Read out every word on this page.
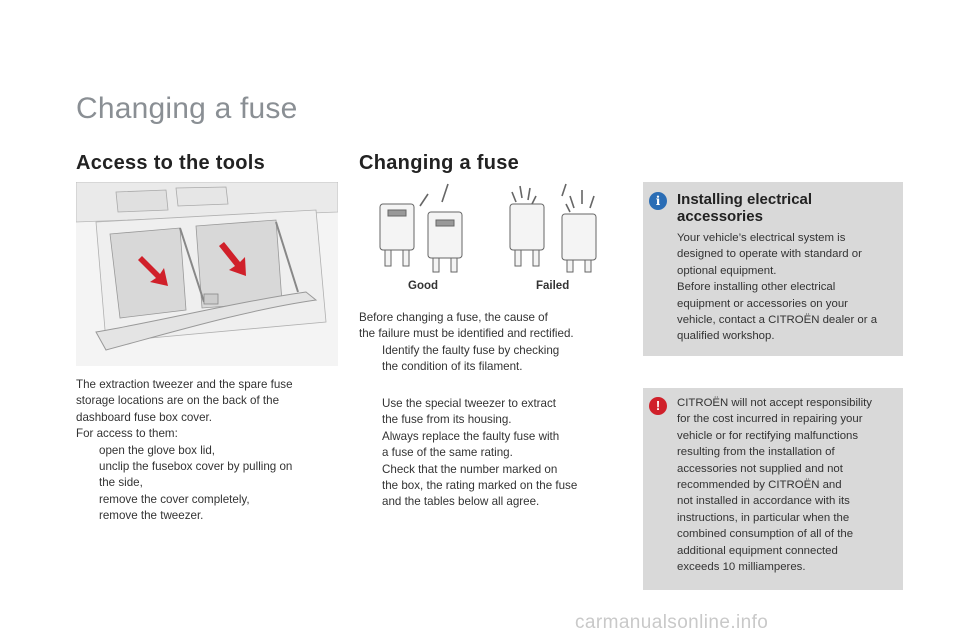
Changing a fuse
Access to the tools

The extraction tweezer and the spare fuse

storage locations are on the back of the

dashboard fuse box cover.

For access to them:

open the glove box lid,

unclip the fusebox cover by pulling on

the side,

remove the cover completely,

remove the tweezer.

Changing a fuse
Good	Failed

Before changing a fuse, the cause of

the failure must be identified and rectified.

Identify the faulty fuse by checking

the condition of its filament.

Use the special tweezer to extract

the fuse from its housing.

Always replace the faulty fuse with

a fuse of the same rating.

Check that the number marked on

the box, the rating marked on the fuse

and the tables below all agree.

i	Installing electrical
accessories

Your vehicle’s electrical system is

designed to operate with standard or

optional equipment.

Before installing other electrical

equipment or accessories on your

vehicle, contact a CITROËN dealer or a

qualified workshop.

!	CITROËN will not accept responsibility

for the cost incurred in repairing your

vehicle or for rectifying malfunctions

resulting from the installation of

accessories not supplied and not

recommended by CITROËN and

not installed in accordance with its

instructions, in particular when the

combined consumption of all of the

additional equipment connected

exceeds 10 milliamperes.

carmanualsonline.info
